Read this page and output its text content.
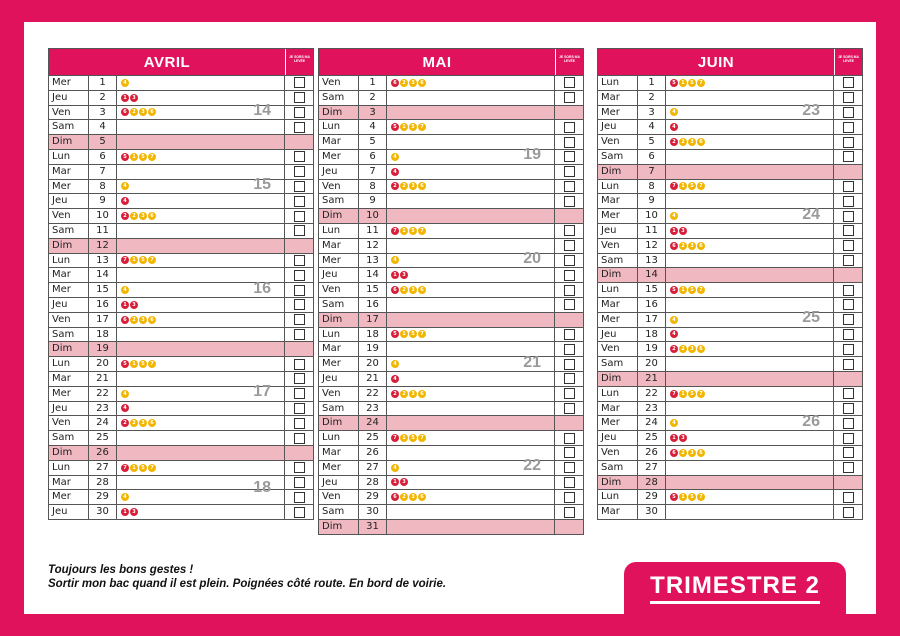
AVRIL	JE SORS MA LEVÉE
Mer	1	4
Jeu	2	1	3
Ven	3	6	2	3	6
Sam	4
Dim	5
Lun	6	5	1	5	7
Mar	7
Mer	8	4
Jeu	9	4
Ven	10	2	2	3	6
Sam	11
Dim	12
Lun	13	7	1	5	7
Mar	14
Mer	15	4
Jeu	16	1	3
Ven	17	6	2	3	6
Sam	18
Dim	19
Lun	20	5	1	5	7
Mar	21
Mer	22	4
Jeu	23	4
Ven	24	2	2	3	6
Sam	25
Dim	26
Lun	27	7	1	5	7
Mar	28
Mer	29	4
Jeu	30	1	3
14
15
16
17
18
MAI	JE SORS MA LEVÉE
Ven	1	6	2	3	6
Sam	2
Dim	3
Lun	4	5	1	5	7
Mar	5
Mer	6	4
Jeu	7	4
Ven	8	2	2	3	6
Sam	9
Dim	10
Lun	11	7	1	5	7
Mar	12
Mer	13	4
Jeu	14	1	3
Ven	15	6	2	3	6
Sam	16
Dim	17
Lun	18	5	1	5	7
Mar	19
Mer	20	4
Jeu	21	4
Ven	22	2	2	3	6
Sam	23
Dim	24
Lun	25	7	1	5	7
Mar	26
Mer	27	4
Jeu	28	1	3
Ven	29	6	2	3	6
Sam	30
Dim	31
19
20
21
22
JUIN	JE SORS MA LEVÉE
Lun	1	5	1	5	7
Mar	2
Mer	3	4
Jeu	4	4
Ven	5	2	2	3	6
Sam	6
Dim	7
Lun	8	7	1	5	7
Mar	9
Mer	10	4
Jeu	11	1	3
Ven	12	6	2	3	6
Sam	13
Dim	14
Lun	15	5	1	5	7
Mar	16
Mer	17	4
Jeu	18	4
Ven	19	2	2	3	6
Sam	20
Dim	21
Lun	22	7	1	5	7
Mar	23
Mer	24	4
Jeu	25	1	3
Ven	26	6	2	3	6
Sam	27
Dim	28
Lun	29	5	1	5	7
Mar	30
23
24
25
26
Toujours les bons gestes !
Sortir mon bac quand il est plein. Poignées côté route. En bord de voirie.	TRIMESTRE 2
